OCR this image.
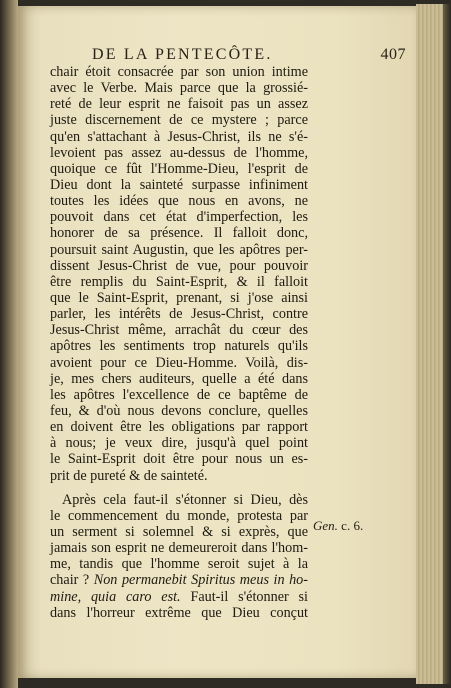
DE LA PENTECÔTE.	407
chair étoit consacrée par son union intime
avec le Verbe. Mais parce que la grossié-
reté de leur esprit ne faisoit pas un assez
juste discernement de ce mystere ; parce
qu'en s'attachant à Jesus-Christ, ils ne s'é-
levoient pas assez au-dessus de l'homme,
quoique ce fût l'Homme-Dieu, l'esprit de
Dieu dont la sainteté surpasse infiniment
toutes les idées que nous en avons, ne
pouvoit dans cet état d'imperfection, les
honorer de sa présence. Il falloit donc,
poursuit saint Augustin, que les apôtres per-
dissent Jesus-Christ de vue, pour pouvoir
être remplis du Saint-Esprit, & il falloit
que le Saint-Esprit, prenant, si j'ose ainsi
parler, les intérêts de Jesus-Christ, contre
Jesus-Christ même, arrachât du cœur des
apôtres les sentiments trop naturels qu'ils
avoient pour ce Dieu-Homme. Voilà, dis-
je, mes chers auditeurs, quelle a été dans
les apôtres l'excellence de ce baptême de
feu, & d'où nous devons conclure, quelles
en doivent être les obligations par rapport
à nous; je veux dire, jusqu'à quel point
le Saint-Esprit doit être pour nous un es-
prit de pureté & de sainteté.
Après cela faut-il s'étonner si Dieu, dès
le commencement du monde, protesta par
un serment si solemnel & si exprès, que
jamais son esprit ne demeureroit dans l'hom-
me, tandis que l'homme seroit sujet à la
chair ? Non permanebit Spiritus meus in ho-
mine, quia caro est. Faut-il s'étonner si
dans l'horreur extrême que Dieu conçut
Gen. c. 6.
